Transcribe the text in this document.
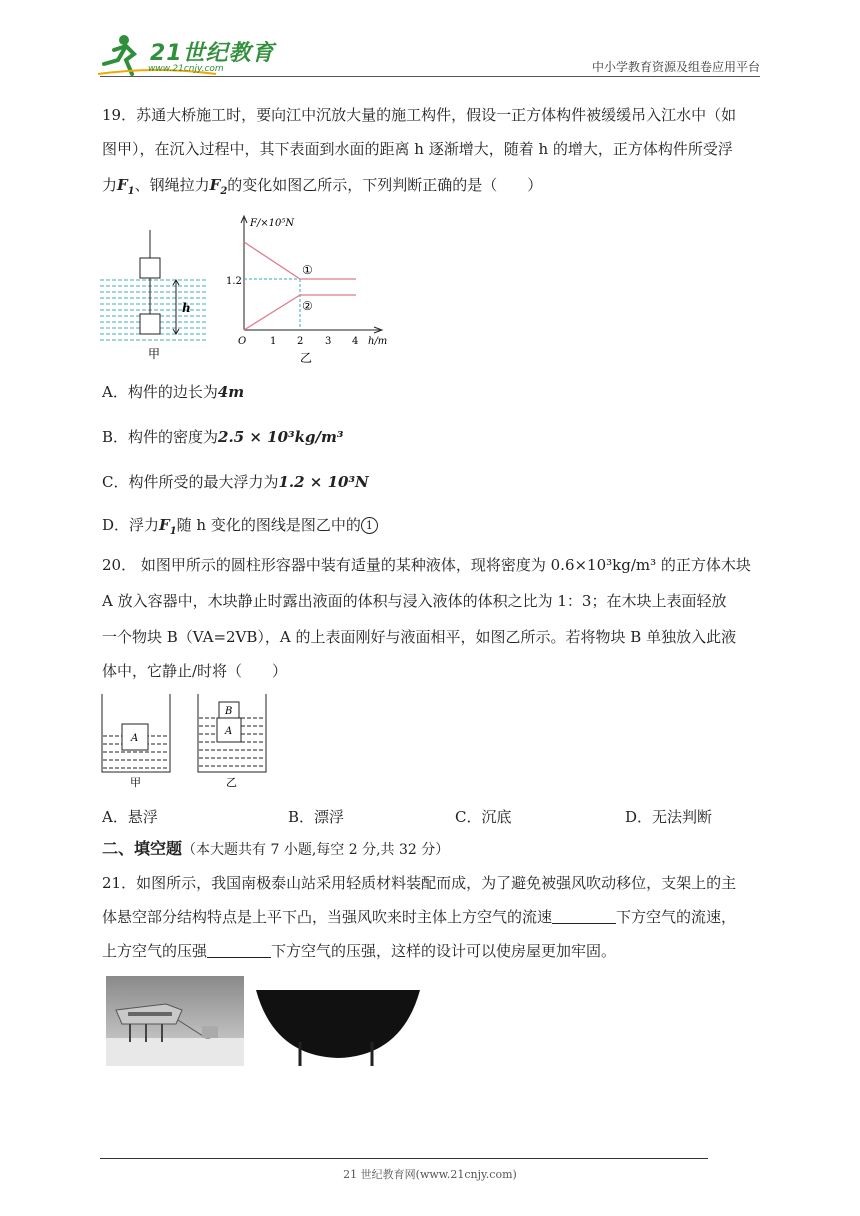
21世纪教育
www.21cnjy.com	中小学教育资源及组卷应用平台
19．苏通大桥施工时，要向江中沉放大量的施工构件，假设一正方体构件被缓缓吊入江水中（如
图甲），在沉入过程中，其下表面到水面的距离 h 逐渐增大，随着 h 的增大，正方体构件所受浮
力$F_1$、钢绳拉力$F_2$的变化如图乙所示，下列判断正确的是（　　）
h
甲
F/×10⁵N
h/m
1.2
O 1 2 3 4
①
②
乙
A．构件的边长为4m
B．构件的密度为2.5 × 10³kg/m³
C．构件所受的最大浮力为1.2 × 10³N
D．浮力$F_1$随 h 变化的图线是图乙中的 1
20． 如图甲所示的圆柱形容器中装有适量的某种液体，现将密度为 0.6×10³kg/m³ 的正方体木块
A 放入容器中，木块静止时露出液面的体积与浸入液体的体积之比为 1：3；在木块上表面轻放
一个物块 B（VA=2VB），A 的上表面刚好与液面相平，如图乙所示。若将物块 B 单独放入此液
体中，它静止/时将（　　）
A
甲
B
A
乙
A．悬浮	B．漂浮	C．沉底	D．无法判断
二、填空题（本大题共有 7 小题,每空 2 分,共 32 分）
21．如图所示，我国南极泰山站采用轻质材料装配而成，为了避免被强风吹动移位，支架上的主
体悬空部分结构特点是上平下凸，当强风吹来时主体上方空气的流速	下方空气的流速，
上方空气的压强	下方空气的压强，这样的设计可以使房屋更加牢固。
21 世纪教育网(www.21cnjy.com)
